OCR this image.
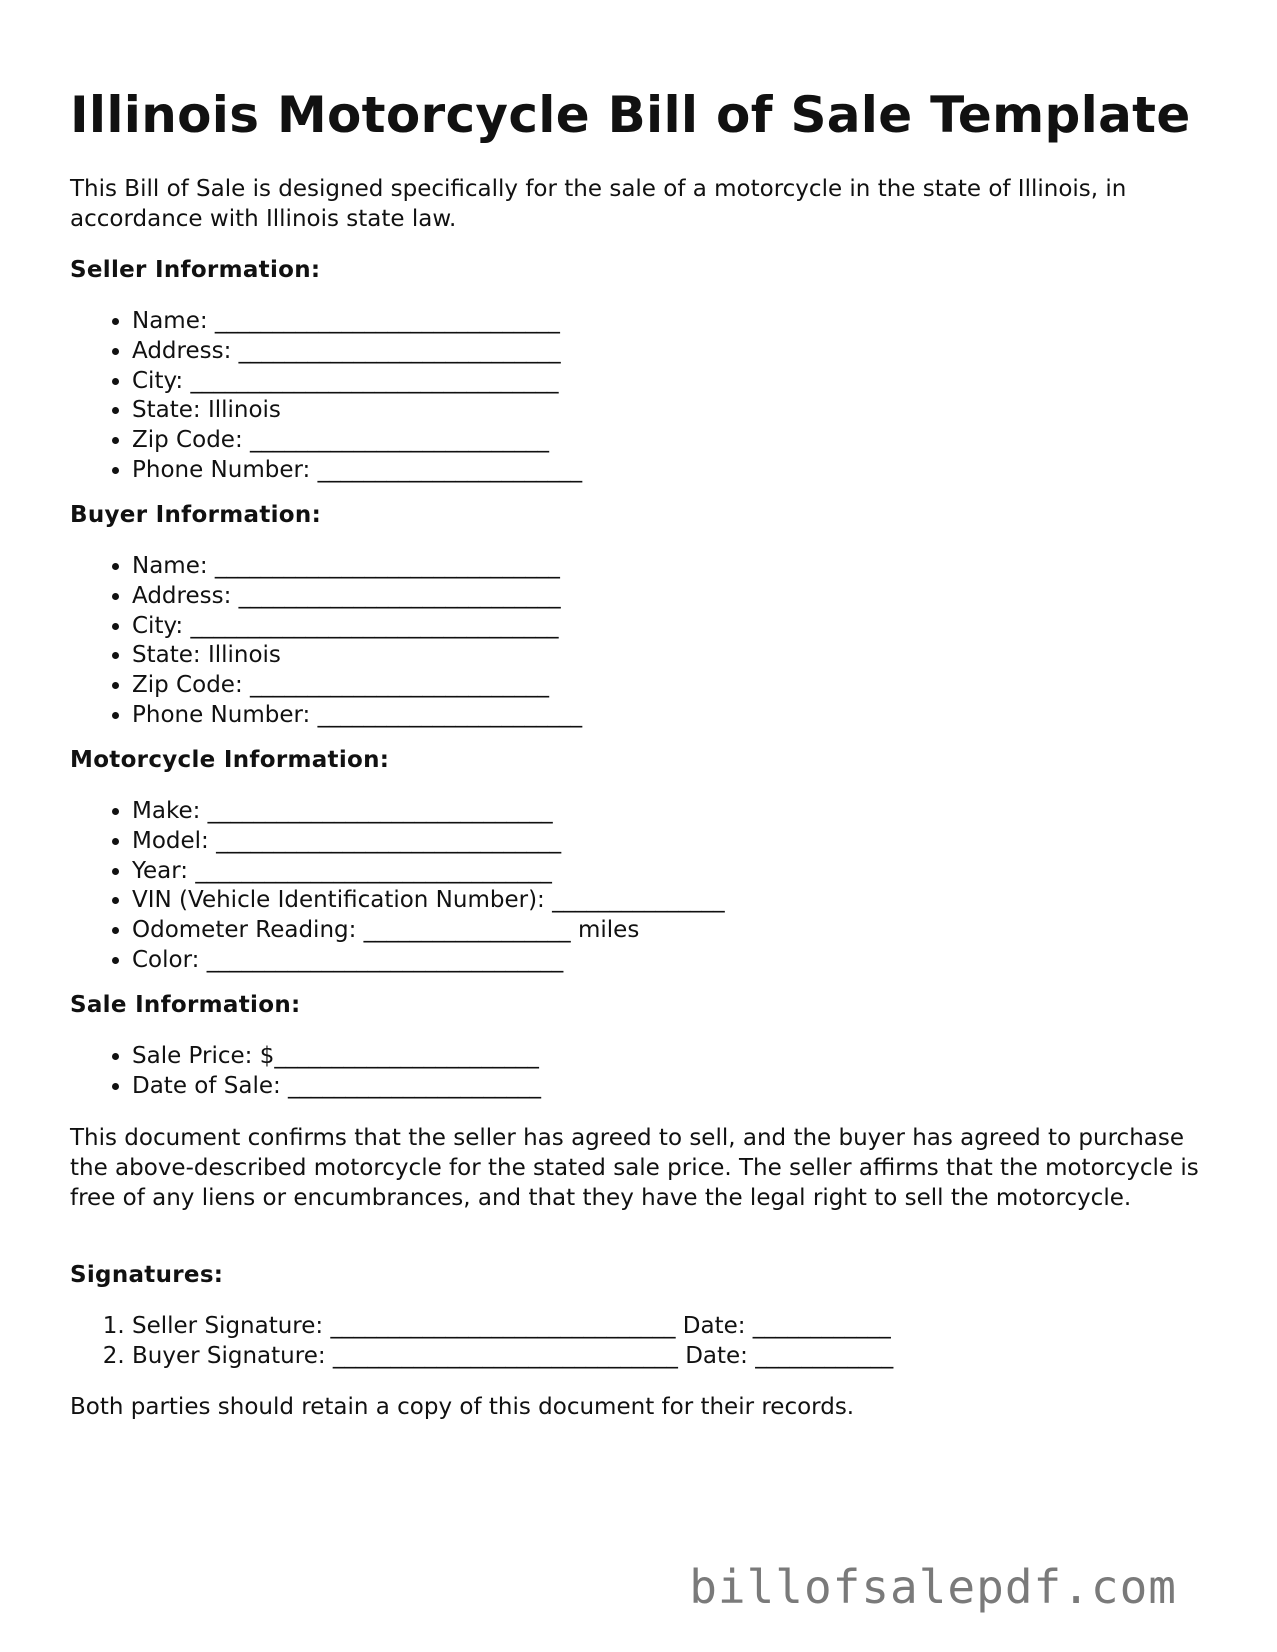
Illinois Motorcycle Bill of Sale Template

This Bill of Sale is designed specifically for the sale of a motorcycle in the state of Illinois, in accordance with Illinois state law.

Seller Information:
• Name: ______________________________
• Address: ____________________________
• City: ________________________________
• State: Illinois
• Zip Code: __________________________
• Phone Number: _______________________
Buyer Information:
• Name: ______________________________
• Address: ____________________________
• City: ________________________________
• State: Illinois
• Zip Code: __________________________
• Phone Number: _______________________
Motorcycle Information:
• Make: ______________________________
• Model: ______________________________
• Year: _______________________________
• VIN (Vehicle Identification Number): _______________
• Odometer Reading: __________________ miles
• Color: _______________________________
Sale Information:
• Sale Price: $_______________________
• Date of Sale: ______________________

This document confirms that the seller has agreed to sell, and the buyer has agreed to purchase the above-described motorcycle for the stated sale price. The seller affirms that the motorcycle is free of any liens or encumbrances, and that they have the legal right to sell the motorcycle.

Signatures:
1. Seller Signature: ______________________________ Date: ____________
2. Buyer Signature: ______________________________ Date: ____________

Both parties should retain a copy of this document for their records.

billofsalepdf.com
